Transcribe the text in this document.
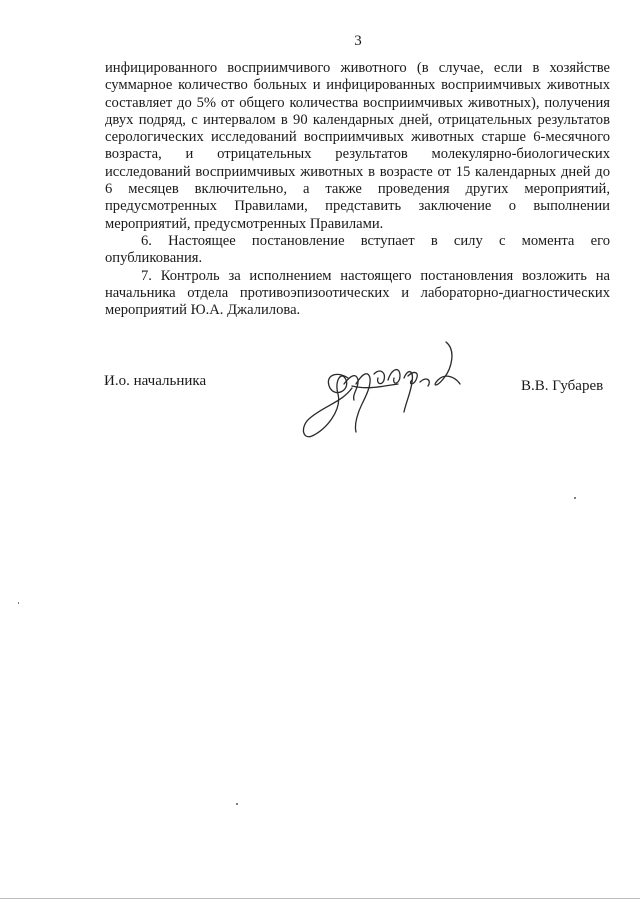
3

инфицированного восприимчивого животного (в случае, если в хозяйстве суммарное количество больных и инфицированных восприимчивых животных составляет до 5% от общего количества восприимчивых животных), получения двух подряд, с интервалом в 90 календарных дней, отрицательных результатов серологических исследований восприимчивых животных старше 6-месячного возраста, и отрицательных результатов молекулярно-биологических исследований восприимчивых животных в возрасте от 15 календарных дней до 6 месяцев включительно, а также проведения других мероприятий, предусмотренных Правилами, представить заключение о выполнении мероприятий, предусмотренных Правилами.

6. Настоящее постановление вступает в силу с момента его опубликования.

7. Контроль за исполнением настоящего постановления возложить на начальника отдела противоэпизоотических и лабораторно-диагностических мероприятий Ю.А. Джалилова.

И.о. начальника	В.В. Губарев
